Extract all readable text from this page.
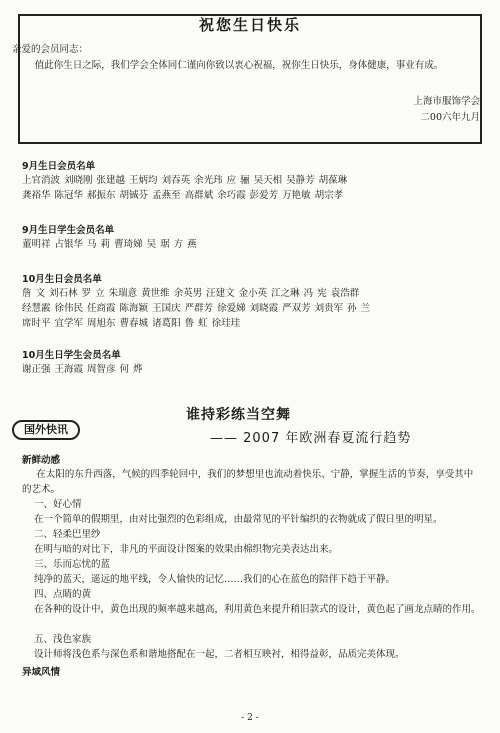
祝您生日快乐
亲爱的会员同志：
值此你生日之际，我们学会全体同仁谨向你致以衷心祝福，祝你生日快乐，身体健康，事业有成。
上海市服饰学会
二00六年九月
9月生日会员名单
上官消波 刘晓刚 张建越 王炳均 刘吞英 余光玮 应 骊 吴天相 吴静芳 胡葆琳
龚裕华 陈冠华 郝振东 胡铖芬 孟燕至 高群斌 余巧霞 彭爱芳 万艳敏 胡宗孝
9月生日学生会员名单
董明祥 占银华 马 莉 曹琦娣 吴 琚 方 燕
10月生日会员名单
詹 文 刘石林 罗 立 朱瑞意 黄世维 余英男 汪建文 金小英 江之琳 冯 宪 袁浩群
经慧霰 徐伟民 任商霞 陈海颖 王国庆 严群芳 徐爱娣 刘晓霞 严双芳 刘贵军 孙 兰
席时平 宜学军 周旭东 曹春城 诸葛阳 鲁 虹 徐珪珪
10月生日学生会员名单
谢正强 王海霞 周智彦 何 烨
国外快讯
谁持彩练当空舞
—— 2007 年欧洲春夏流行趋势
新鲜动感
在太阳的东升西落，气候的四季轮回中，我们的梦想里也流动着快乐、宁静，掌握生活的节奏，享受其中的艺术。
一、好心情
在一个简单的假期里，由对比强烈的色彩组成，由最常见的平针编织的衣物就成了假日里的明星。
二、轻柔巴里纱
在明与暗的对比下，非凡的平面设计图案的效果由棉织物完美表达出来。
三、乐而忘忧的蓝
纯净的蓝天，遥远的地平线，令人愉快的记忆……我们的心在蓝色的陪伴下趋于平静。
四、点睛的黄
在各种的设计中，黄色出现的频率越来越高，利用黄色来提升稍旧款式的设计，黄色起了画龙点睛的作用。
五、浅色家族
设计师将浅色系与深色系和谐地搭配在一起，二者相互映衬，相得益彰，品质完美体现。
异域风情
- 2 -
